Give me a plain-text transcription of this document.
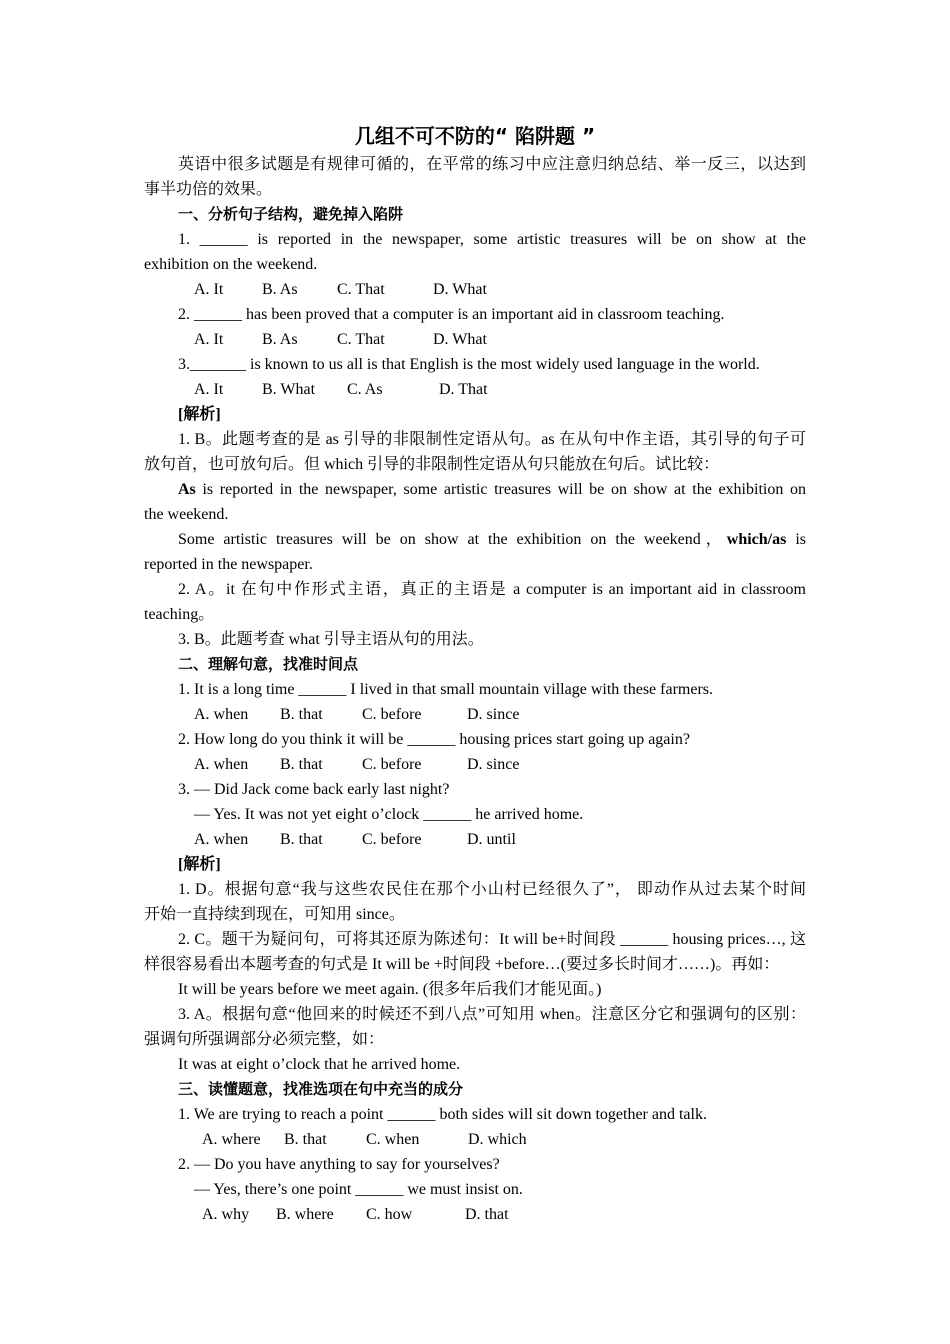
几组不可不防的“ 陷阱题 ”
英语中很多试题是有规律可循的，在平常的练习中应注意归纳总结、举一反三，以达到
事半功倍的效果。
一、分析句子结构，避免掉入陷阱
1. ______ is reported in the newspaper, some artistic treasures will be on show at the
exhibition on the weekend.
A. It B. As C. That	D. What
2. ______ has been proved that a computer is an important aid in classroom teaching.
A. It B. As C. That	D. What
3._______ is known to us all is that English is the most widely used language in the world.
A. It B. What C. As	D. That
[解析]
1. B。此题考查的是 as 引导的非限制性定语从句。as 在从句中作主语，其引导的句子可
放句首，也可放句后。但 which 引导的非限制性定语从句只能放在句后。试比较：
As is reported in the newspaper, some artistic treasures will be on show at the exhibition on
the weekend.
Some artistic treasures will be on show at the exhibition on the weekend，which/as is
reported in the newspaper.
2. A。it 在句中作形式主语，真正的主语是 a computer is an important aid in classroom
teaching。
3. B。此题考查 what 引导主语从句的用法。
二、理解句意，找准时间点
1. It is a long time ______ I lived in that small mountain village with these farmers.
A. when B. that C. before	D. since
2. How long do you think it will be ______ housing prices start going up again?
A. when B. that C. before	D. since
3. — Did Jack come back early last night?
— Yes. It was not yet eight o’clock ______ he arrived home.
A. when B. that C. before	D. until
[解析]
1. D。根据句意“我与这些农民住在那个小山村已经很久了”， 即动作从过去某个时间
开始一直持续到现在，可知用 since。
2. C。题干为疑问句，可将其还原为陈述句：It will be+时间段 ______ housing prices…, 这
样很容易看出本题考查的句式是 It will be +时间段 +before…(要过多长时间才……)。再如：
It will be years before we meet again. (很多年后我们才能见面。)
3. A。根据句意“他回来的时候还不到八点”可知用 when。注意区分它和强调句的区别：
强调句所强调部分必须完整，如：
It was at eight o’clock that he arrived home.
三、读懂题意，找准选项在句中充当的成分
1. We are trying to reach a point ______ both sides will sit down together and talk.
A. where B. that C. when	D. which
2. — Do you have anything to say for yourselves?
— Yes, there’s one point ______ we must insist on.
A. why B. where C. how	D. that
